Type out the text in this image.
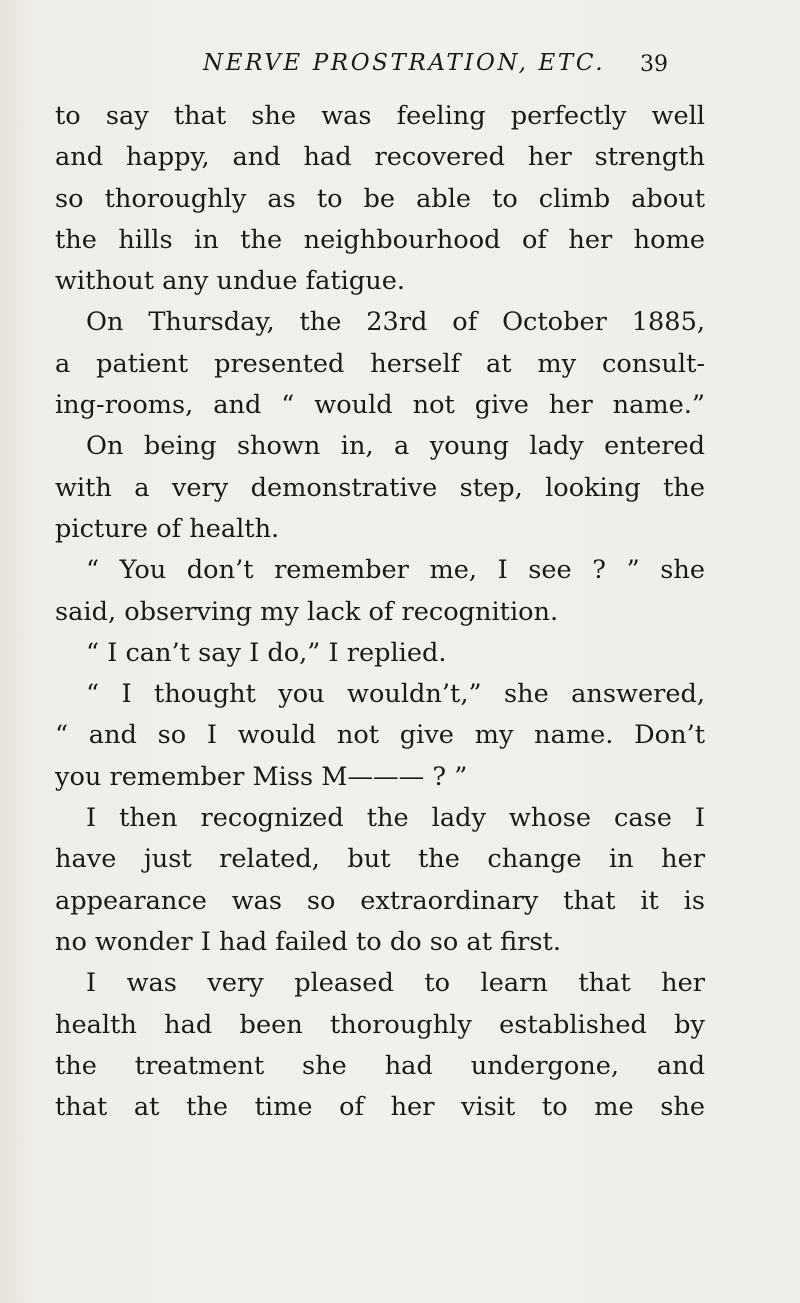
NERVE PROSTRATION, ETC. 39
to say that she was feeling perfectly well
and happy, and had recovered her strength
so thoroughly as to be able to climb about
the hills in the neighbourhood of her home
without any undue fatigue.
On Thursday, the 23rd of October 1885,
a patient presented herself at my consult-
ing-rooms, and “ would not give her name.”
On being shown in, a young lady entered
with a very demonstrative step, looking the
picture of health.
“ You don’t remember me, I see ? ” she
said, observing my lack of recognition.
“ I can’t say I do,” I replied.
“ I thought you wouldn’t,” she answered,
“ and so I would not give my name. Don’t
you remember Miss M——— ? ”
I then recognized the lady whose case I
have just related, but the change in her
appearance was so extraordinary that it is
no wonder I had failed to do so at first.
I was very pleased to learn that her
health had been thoroughly established by
the treatment she had undergone, and
that at the time of her visit to me she
